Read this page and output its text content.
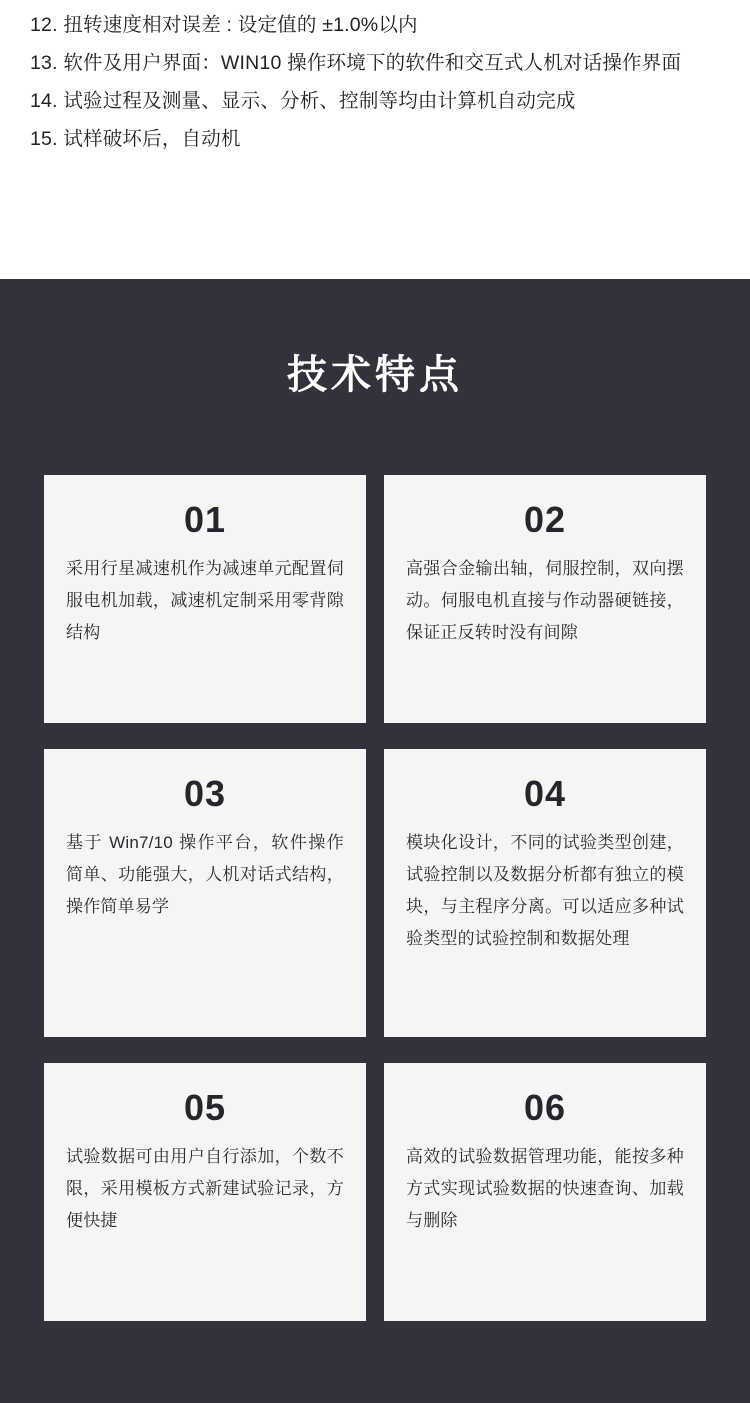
12. 扭转速度相对误差 : 设定值的 ±1.0%以内
13. 软件及用户界面：WIN10 操作环境下的软件和交互式人机对话操作界面
14. 试验过程及测量、显示、分析、控制等均由计算机自动完成
15. 试样破坏后，自动机
技术特点
01
采用行星减速机作为减速单元配置伺服电机加载，减速机定制采用零背隙结构
02
高强合金输出轴，伺服控制，双向摆动。伺服电机直接与作动器硬链接，保证正反转时没有间隙
03
基于 Win7/10 操作平台，软件操作简单、功能强大，人机对话式结构，操作简单易学
04
模块化设计，不同的试验类型创建，试验控制以及数据分析都有独立的模块，与主程序分离。可以适应多种试验类型的试验控制和数据处理
05
试验数据可由用户自行添加，个数不限，采用模板方式新建试验记录，方便快捷
06
高效的试验数据管理功能，能按多种方式实现试验数据的快速查询、加载与删除
